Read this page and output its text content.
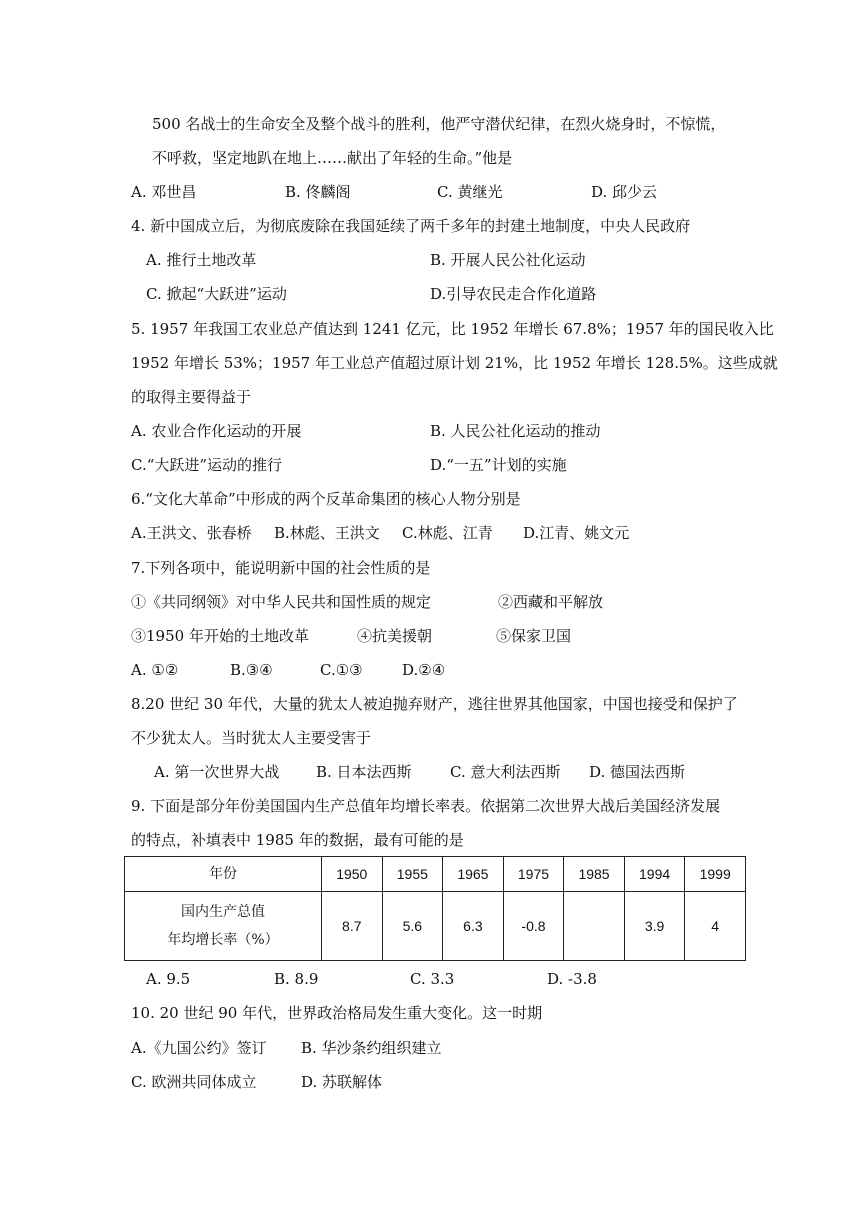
500 名战士的生命安全及整个战斗的胜利，他严守潜伏纪律，在烈火烧身时，不惊慌，
不呼救，坚定地趴在地上……献出了年轻的生命。”他是
A. 邓世昌	B. 佟麟阁	C. 黄继光	D. 邱少云
4. 新中国成立后，为彻底废除在我国延续了两千多年的封建土地制度，中央人民政府
A. 推行土地改革	B. 开展人民公社化运动
C. 掀起“大跃进”运动	D.引导农民走合作化道路
5. 1957 年我国工农业总产值达到 1241 亿元，比 1952 年增长 67.8%；1957 年的国民收入比
1952 年增长 53%；1957 年工业总产值超过原计划 21%，比 1952 年增长 128.5%。这些成就
的取得主要得益于
A. 农业合作化运动的开展	B. 人民公社化运动的推动
C.“大跃进”运动的推行	D.“一五”计划的实施
6.“文化大革命”中形成的两个反革命集团的核心人物分别是
A.王洪文、张春桥 B.林彪、王洪文 C.林彪、江青 D.江青、姚文元
7.下列各项中，能说明新中国的社会性质的是
①《共同纲领》对中华人民共和国性质的规定	②西藏和平解放
③1950 年开始的土地改革	④抗美援朝	⑤保家卫国
A. ①②	B.③④	C.①③	D.②④
8.20 世纪 30 年代，大量的犹太人被迫抛弃财产，逃往世界其他国家，中国也接受和保护了
不少犹太人。当时犹太人主要受害于
A. 第一次世界大战 B. 日本法西斯	C. 意大利法西斯 D. 德国法西斯
9. 下面是部分年份美国国内生产总值年均增长率表。依据第二次世界大战后美国经济发展
的特点，补填表中 1985 年的数据，最有可能的是
年份	1950	1955	1965	1975	1985	1994	1999

国内生产总值
年均增长率（%）	8.7	5.6	6.3	-0.8		3.9	4
A. 9.5	B. 8.9	C. 3.3	D. -3.8
10. 20 世纪 90 年代，世界政治格局发生重大变化。这一时期
A.《九国公约》签订 B. 华沙条约组织建立
C. 欧洲共同体成立	D. 苏联解体
